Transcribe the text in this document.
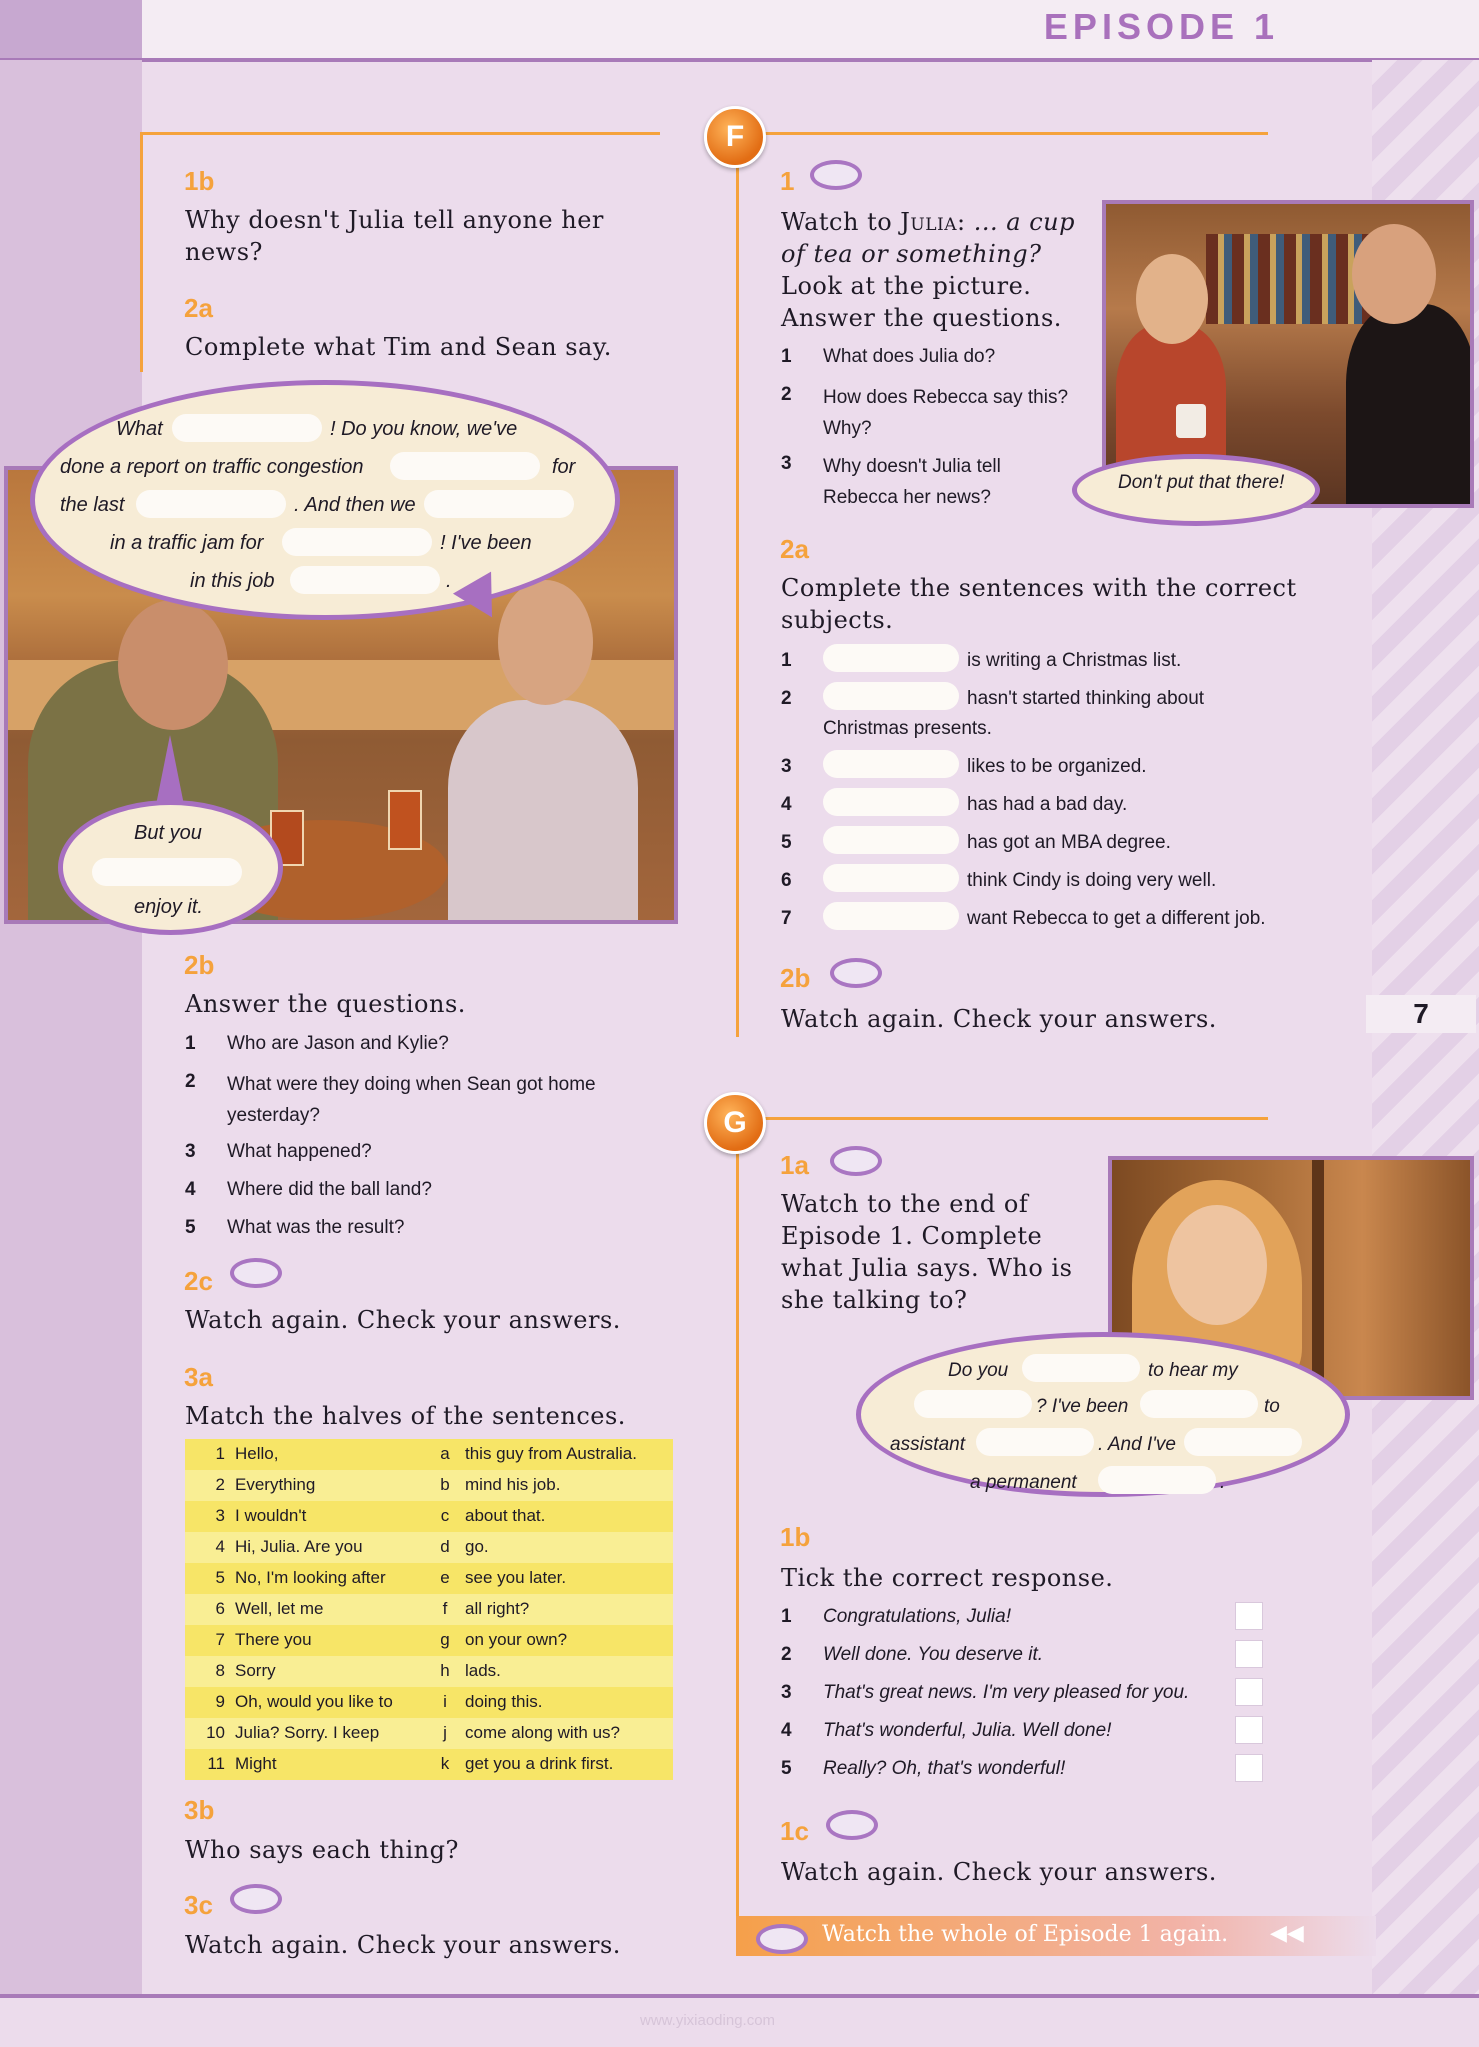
EPISODE 1
7
www.yixiaoding.com
1b
Why doesn't Julia tell anyone her news?
2a
Complete what Tim and Sean say.
What	! Do you know, we've
done a report on traffic congestion	for
the last	. And then we
in a traffic jam for	! I've been
in this job	.
But you
enjoy it.
2b
Answer the questions.
1 Who are Jason and Kylie?
2 What were they doing when Sean got home yesterday?
3 What happened?
4 Where did the ball land?
5 What was the result?
2c
Watch again. Check your answers.
3a
Match the halves of the sentences.
1 Hello,	a this guy from Australia.
2 Everything	b mind his job.
3 I wouldn't	c about that.
4 Hi, Julia. Are you	d go.
5 No, I'm looking after	e see you later.
6 Well, let me	f	all right?
7 There you	g on your own?
8 Sorry	h lads.
9 Oh, would you like to	i	doing this.
10 Julia? Sorry. I keep	j	come along with us?
11 Might	k get you a drink first.
3b
Who says each thing?
3c
Watch again. Check your answers.
F
1
Watch to Julia: ... a cup of tea or something? Look at the picture. Answer the questions.
Don't put that there!
1 What does Julia do?
2 How does Rebecca say this? Why?
3 Why doesn't Julia tell Rebecca her news?
2a
Complete the sentences with the correct subjects.
1	is writing a Christmas list.
2	hasn't started thinking about
Christmas presents.
3	likes to be organized.
4	has had a bad day.
5	has got an MBA degree.
6	think Cindy is doing very well.
7	want Rebecca to get a different job.
2b
Watch again. Check your answers.
G
1a
Watch to the end of Episode 1. Complete what Julia says. Who is she talking to?
Do you	to hear my
? I've been	to
assistant	. And I've
a permanent	.
1b
Tick the correct response.
1 Congratulations, Julia!
2 Well done. You deserve it.
3 That's great news. I'm very pleased for you.
4 That's wonderful, Julia. Well done!
5 Really? Oh, that's wonderful!
1c
Watch again. Check your answers.
Watch the whole of Episode 1 again. ◀◀
